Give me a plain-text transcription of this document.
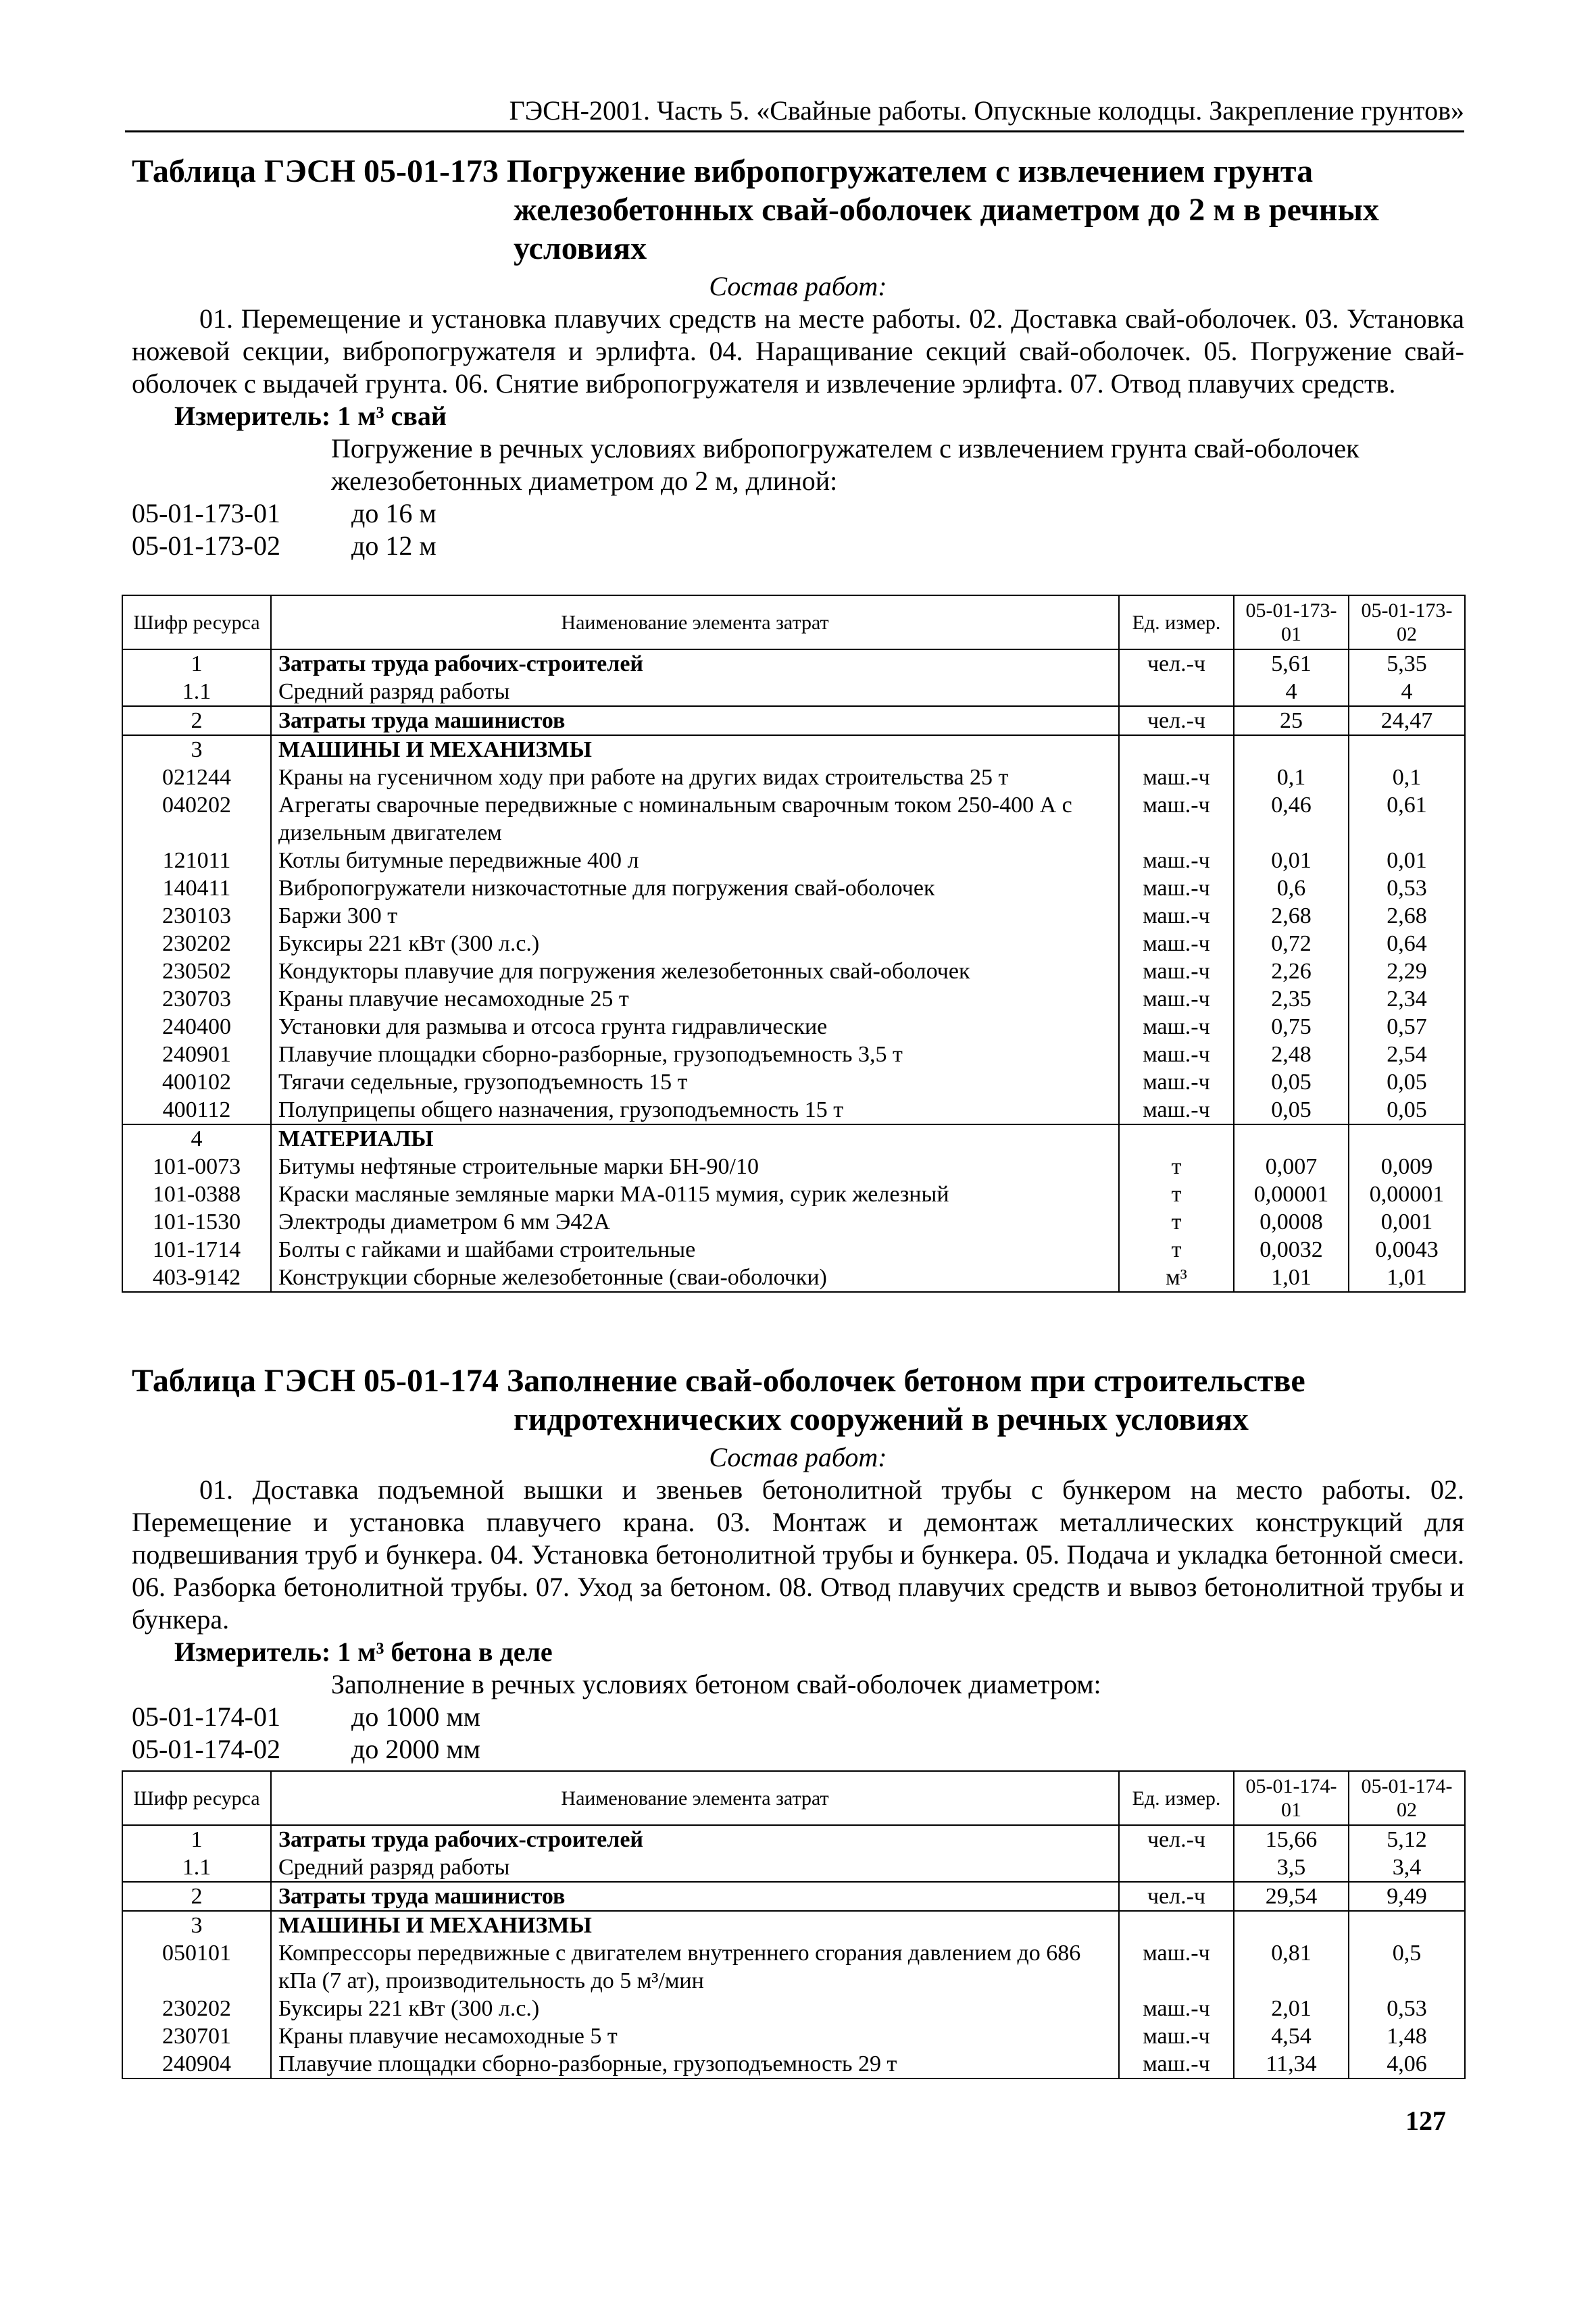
ГЭСН-2001. Часть 5. «Свайные работы. Опускные колодцы. Закрепление грунтов»
Таблица ГЭСН 05-01-173 Погружение вибропогружателем с извлечением грунта железобетонных свай-оболочек диаметром до 2 м в речных условиях
Состав работ:
01. Перемещение и установка плавучих средств на месте работы. 02. Доставка свай-оболочек. 03. Установка ножевой секции, вибропогружателя и эрлифта. 04. Наращивание секций свай-оболочек. 05. Погружение свай-оболочек с выдачей грунта. 06. Снятие вибропогружателя и извлечение эрлифта. 07. Отвод плавучих средств.
Измеритель: 1 м³ свай
Погружение в речных условиях вибропогружателем с извлечением грунта свай-оболочек железобетонных диаметром до 2 м, длиной:
05-01-173-01	до 16 м
05-01-173-02	до 12 м
Шифр ресурса	Наименование элемента затрат	Ед. измер.	05-01-173-01	05-01-173-02
1	Затраты труда рабочих-строителей	чел.-ч	5,61	5,35
1.1	Средний разряд работы		4	4
2	Затраты труда машинистов	чел.-ч	25	24,47
3	МАШИНЫ И МЕХАНИЗМЫ			
021244	Краны на гусеничном ходу при работе на других видах строительства 25 т	маш.-ч	0,1	0,1
040202	Агрегаты сварочные передвижные с номинальным сварочным током 250-400 А с дизельным двигателем	маш.-ч	0,46	0,61
121011	Котлы битумные передвижные 400 л	маш.-ч	0,01	0,01
140411	Вибропогружатели низкочастотные для погружения свай-оболочек	маш.-ч	0,6	0,53
230103	Баржи 300 т	маш.-ч	2,68	2,68
230202	Буксиры 221 кВт (300 л.с.)	маш.-ч	0,72	0,64
230502	Кондукторы плавучие для погружения железобетонных свай-оболочек	маш.-ч	2,26	2,29
230703	Краны плавучие несамоходные 25 т	маш.-ч	2,35	2,34
240400	Установки для размыва и отсоса грунта гидравлические	маш.-ч	0,75	0,57
240901	Плавучие площадки сборно-разборные, грузоподъемность 3,5 т	маш.-ч	2,48	2,54
400102	Тягачи седельные, грузоподъемность 15 т	маш.-ч	0,05	0,05
400112	Полуприцепы общего назначения, грузоподъемность 15 т	маш.-ч	0,05	0,05
4	МАТЕРИАЛЫ			
101-0073	Битумы нефтяные строительные марки БН-90/10	т	0,007	0,009
101-0388	Краски масляные земляные марки МА-0115 мумия, сурик железный	т	0,00001	0,00001
101-1530	Электроды диаметром 6 мм Э42А	т	0,0008	0,001
101-1714	Болты с гайками и шайбами строительные	т	0,0032	0,0043
403-9142	Конструкции сборные железобетонные (сваи-оболочки)	м³	1,01	1,01
Таблица ГЭСН 05-01-174 Заполнение свай-оболочек бетоном при строительстве гидротехнических сооружений в речных условиях
Состав работ:
01. Доставка подъемной вышки и звеньев бетонолитной трубы с бункером на место работы. 02. Перемещение и установка плавучего крана. 03. Монтаж и демонтаж металлических конструкций для подвешивания труб и бункера. 04. Установка бетонолитной трубы и бункера. 05. Подача и укладка бетонной смеси. 06. Разборка бетонолитной трубы. 07. Уход за бетоном. 08. Отвод плавучих средств и вывоз бетонолитной трубы и бункера.
Измеритель: 1 м³ бетона в деле
Заполнение в речных условиях бетоном свай-оболочек диаметром:
05-01-174-01	до 1000 мм
05-01-174-02	до 2000 мм
Шифр ресурса	Наименование элемента затрат	Ед. измер.	05-01-174-01	05-01-174-02
1	Затраты труда рабочих-строителей	чел.-ч	15,66	5,12
1.1	Средний разряд работы		3,5	3,4
2	Затраты труда машинистов	чел.-ч	29,54	9,49
3	МАШИНЫ И МЕХАНИЗМЫ			
050101	Компрессоры передвижные с двигателем внутреннего сгорания давлением до 686 кПа (7 ат), производительность до 5 м³/мин	маш.-ч	0,81	0,5
230202	Буксиры 221 кВт (300 л.с.)	маш.-ч	2,01	0,53
230701	Краны плавучие несамоходные 5 т	маш.-ч	4,54	1,48
240904	Плавучие площадки сборно-разборные, грузоподъемность 29 т	маш.-ч	11,34	4,06
127
